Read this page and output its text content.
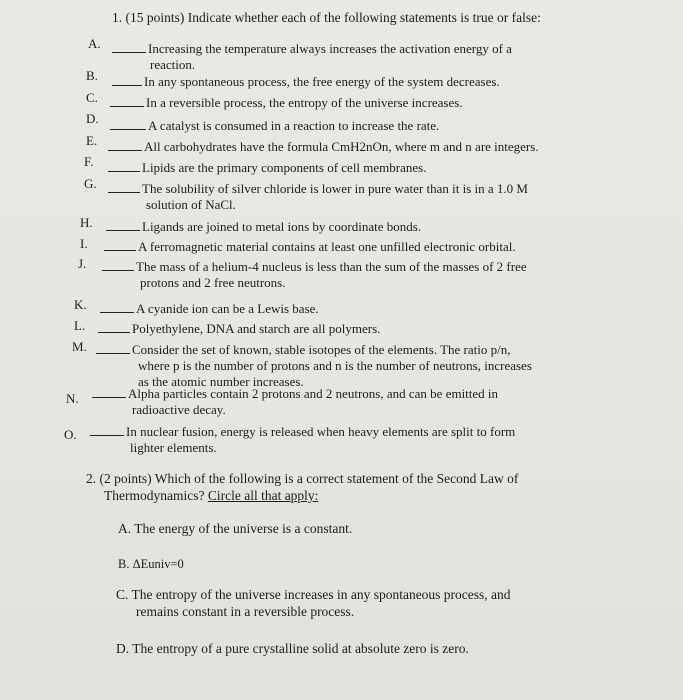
1. (15 points) Indicate whether each of the following statements is true or false:
A.	Increasing the temperature always increases the activation energy of a
reaction.
B.	In any spontaneous process, the free energy of the system decreases.
C.	In a reversible process, the entropy of the universe increases.
D.	A catalyst is consumed in a reaction to increase the rate.
E.	All carbohydrates have the formula CmH2nOn, where m and n are integers.
F.	Lipids are the primary components of cell membranes.
G.	The solubility of silver chloride is lower in pure water than it is in a 1.0 M
solution of NaCl.
H.	Ligands are joined to metal ions by coordinate bonds.
I.	A ferromagnetic material contains at least one unfilled electronic orbital.
J.	The mass of a helium-4 nucleus is less than the sum of the masses of 2 free
protons and 2 free neutrons.
K.	A cyanide ion can be a Lewis base.
L.	Polyethylene, DNA and starch are all polymers.
M.	Consider the set of known, stable isotopes of the elements. The ratio p/n,
where p is the number of protons and n is the number of neutrons, increases
as the atomic number increases.
N.	Alpha particles contain 2 protons and 2 neutrons, and can be emitted in
radioactive decay.
O.	In nuclear fusion, energy is released when heavy elements are split to form
lighter elements.
2. (2 points) Which of the following is a correct statement of the Second Law of
Thermodynamics? Circle all that apply:
A. The energy of the universe is a constant.
B. ΔEuniv=0
C. The entropy of the universe increases in any spontaneous process, and
remains constant in a reversible process.
D. The entropy of a pure crystalline solid at absolute zero is zero.
